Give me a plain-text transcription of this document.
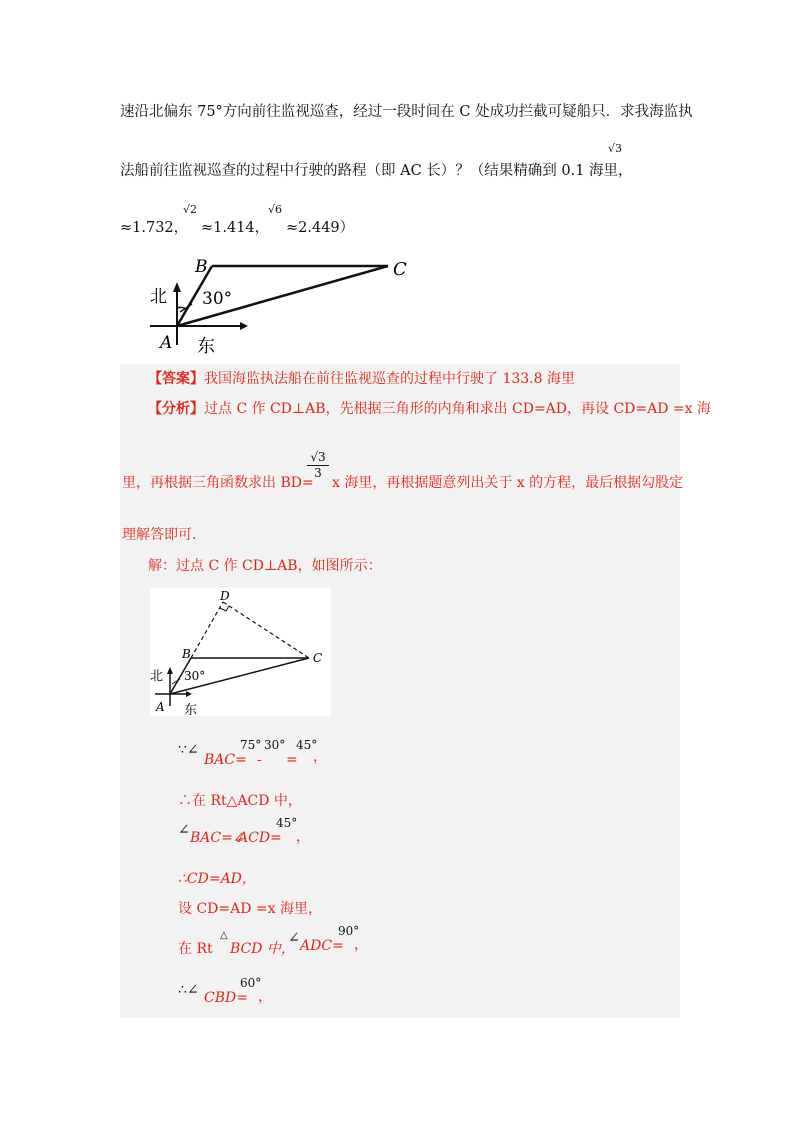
速沿北偏东 75°方向前往监视巡查，经过一段时间在 C 处成功拦截可疑船只．求我海监执
法船前往监视巡查的过程中行驶的路程（即 AC 长）？（结果精确到 0.1 海里，
√3
≈1.732，
√2
≈1.414，
√6
≈2.449）
B	C
A
北
东
30°
【答案】我国海监执法船在前往监视巡查的过程中行驶了 133.8 海里
【分析】过点 C 作 CD⊥AB，先根据三角形的内角和求出 CD=AD，再设 CD=AD =x 海
里，再根据三角函数求出 BD=
$\frac{√3}{3}$
x 海里，再根据题意列出关于 x 的方程，最后根据勾股定
理解答即可．
解：过点 C 作 CD⊥AB，如图所示：
D
B	C
A
北
东
30°
∵∠
BAC=
75°
-
30°
=
45°
，
∴在 Rt△ACD 中，
∠ BAC=∠
ACD=
45°
，
∴CD=AD，
设 CD=AD =x 海里，
在 Rt
△
BCD 中，
∠ ADC=
90°
，
∴∠ CBD=
60°
，
